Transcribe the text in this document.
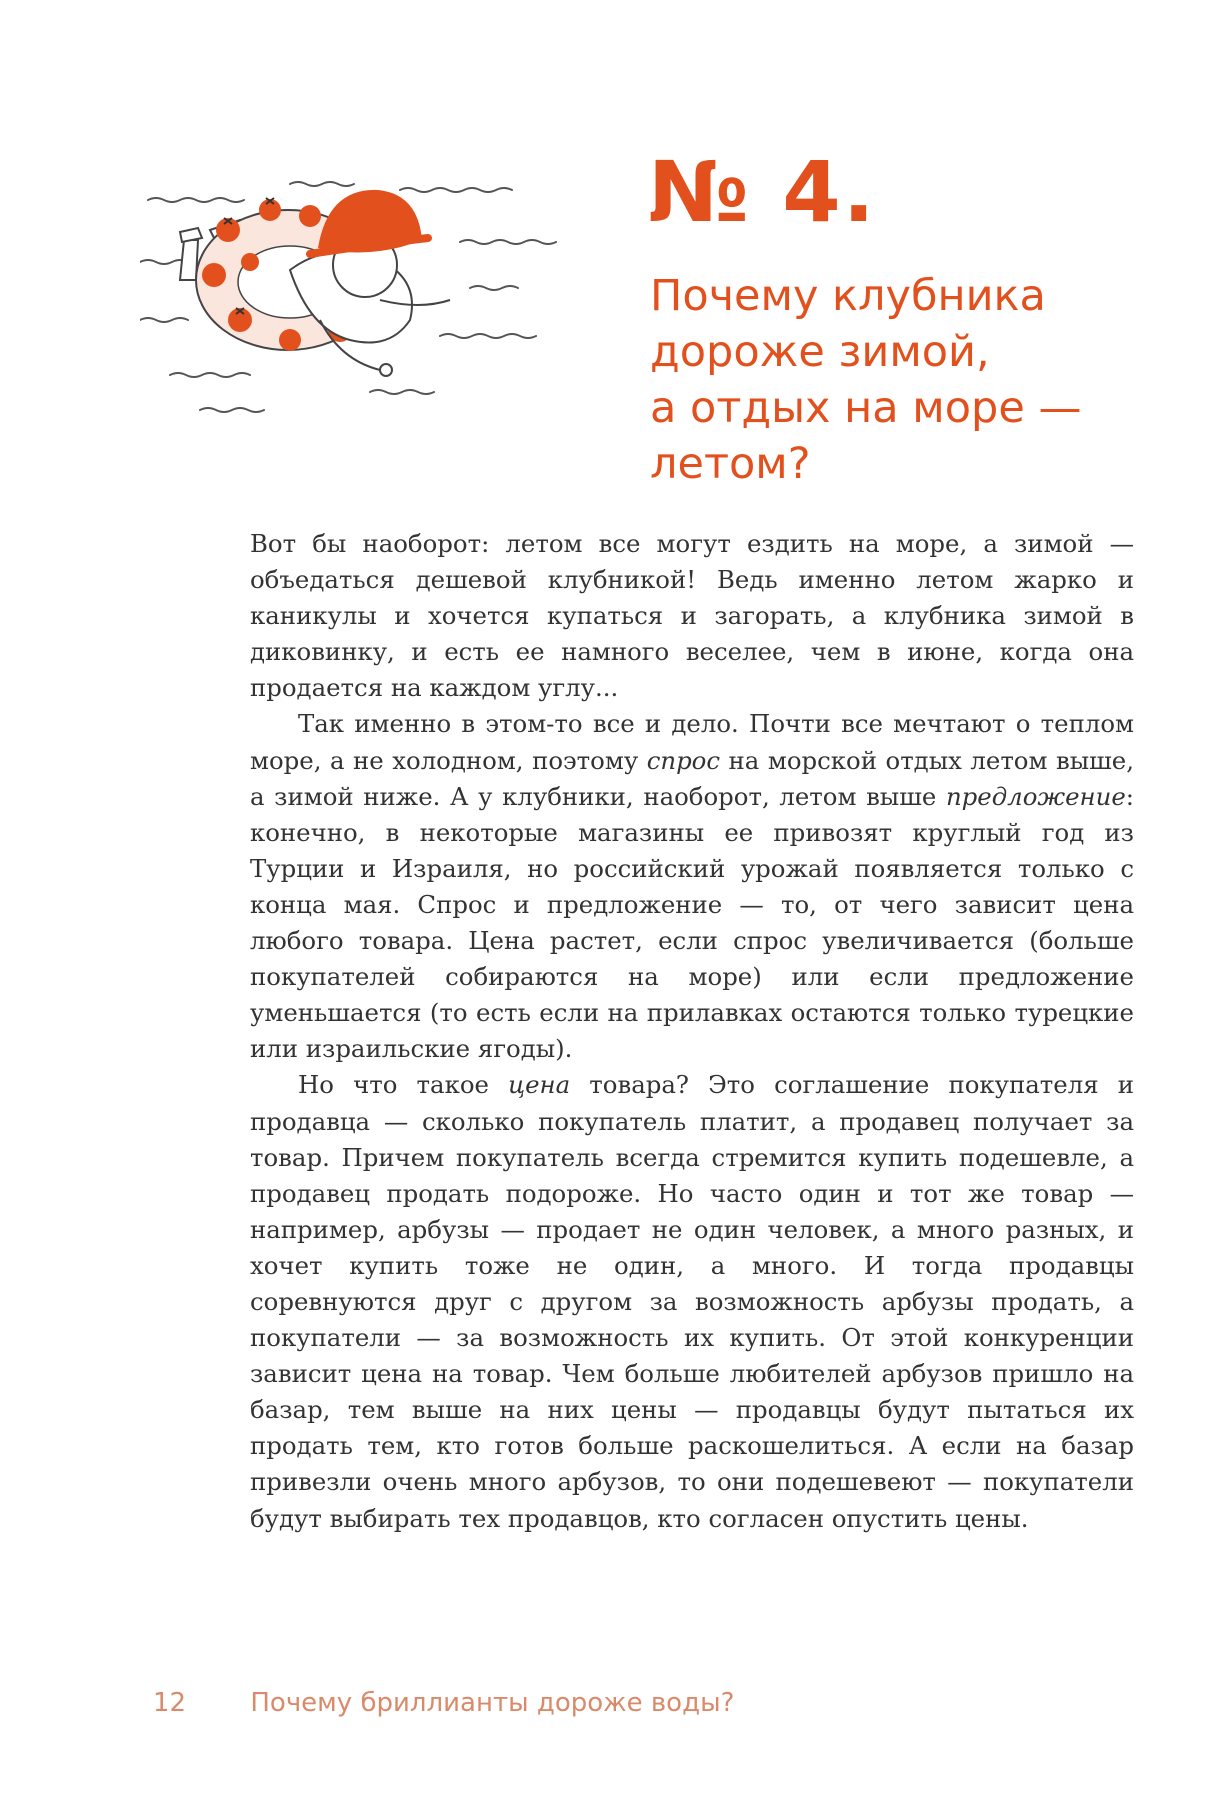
№ 4.
Почему клубника
дороже зимой,
а отдых на море —
летом?

Вот бы наоборот: летом все могут ездить на море, а зимой — объедаться дешевой клубникой! Ведь именно летом жарко и каникулы и хочется купаться и загорать, а клубника зимой в диковинку, и есть ее намного веселее, чем в июне, когда она продается на каждом углу...

Так именно в этом-то все и дело. Почти все мечтают о теплом море, а не холодном, поэтому спрос на морской отдых летом выше, а зимой ниже. А у клубники, наоборот, летом выше предложение: конечно, в некоторые магазины ее привозят круглый год из Турции и Израиля, но российский урожай появляется только с конца мая. Спрос и предложение — то, от чего зависит цена любого товара. Цена растет, если спрос увеличивается (больше покупателей собираются на море) или если предложение уменьшается (то есть если на прилавках остаются только турецкие или израильские ягоды).

Но что такое цена товара? Это соглашение покупателя и продавца — сколько покупатель платит, а продавец получает за товар. Причем покупатель всегда стремится купить подешевле, а продавец продать подороже. Но часто один и тот же товар — например, арбузы — продает не один человек, а много разных, и хочет купить тоже не один, а много. И тогда продавцы соревнуются друг с другом за возможность арбузы продать, а покупатели — за возможность их купить. От этой конкуренции зависит цена на товар. Чем больше любителей арбузов пришло на базар, тем выше на них цены — продавцы будут пытаться их продать тем, кто готов больше раскошелиться. А если на базар привезли очень много арбузов, то они подешевеют — покупатели будут выбирать тех продавцов, кто согласен опустить цены.

12 Почему бриллианты дороже воды?
